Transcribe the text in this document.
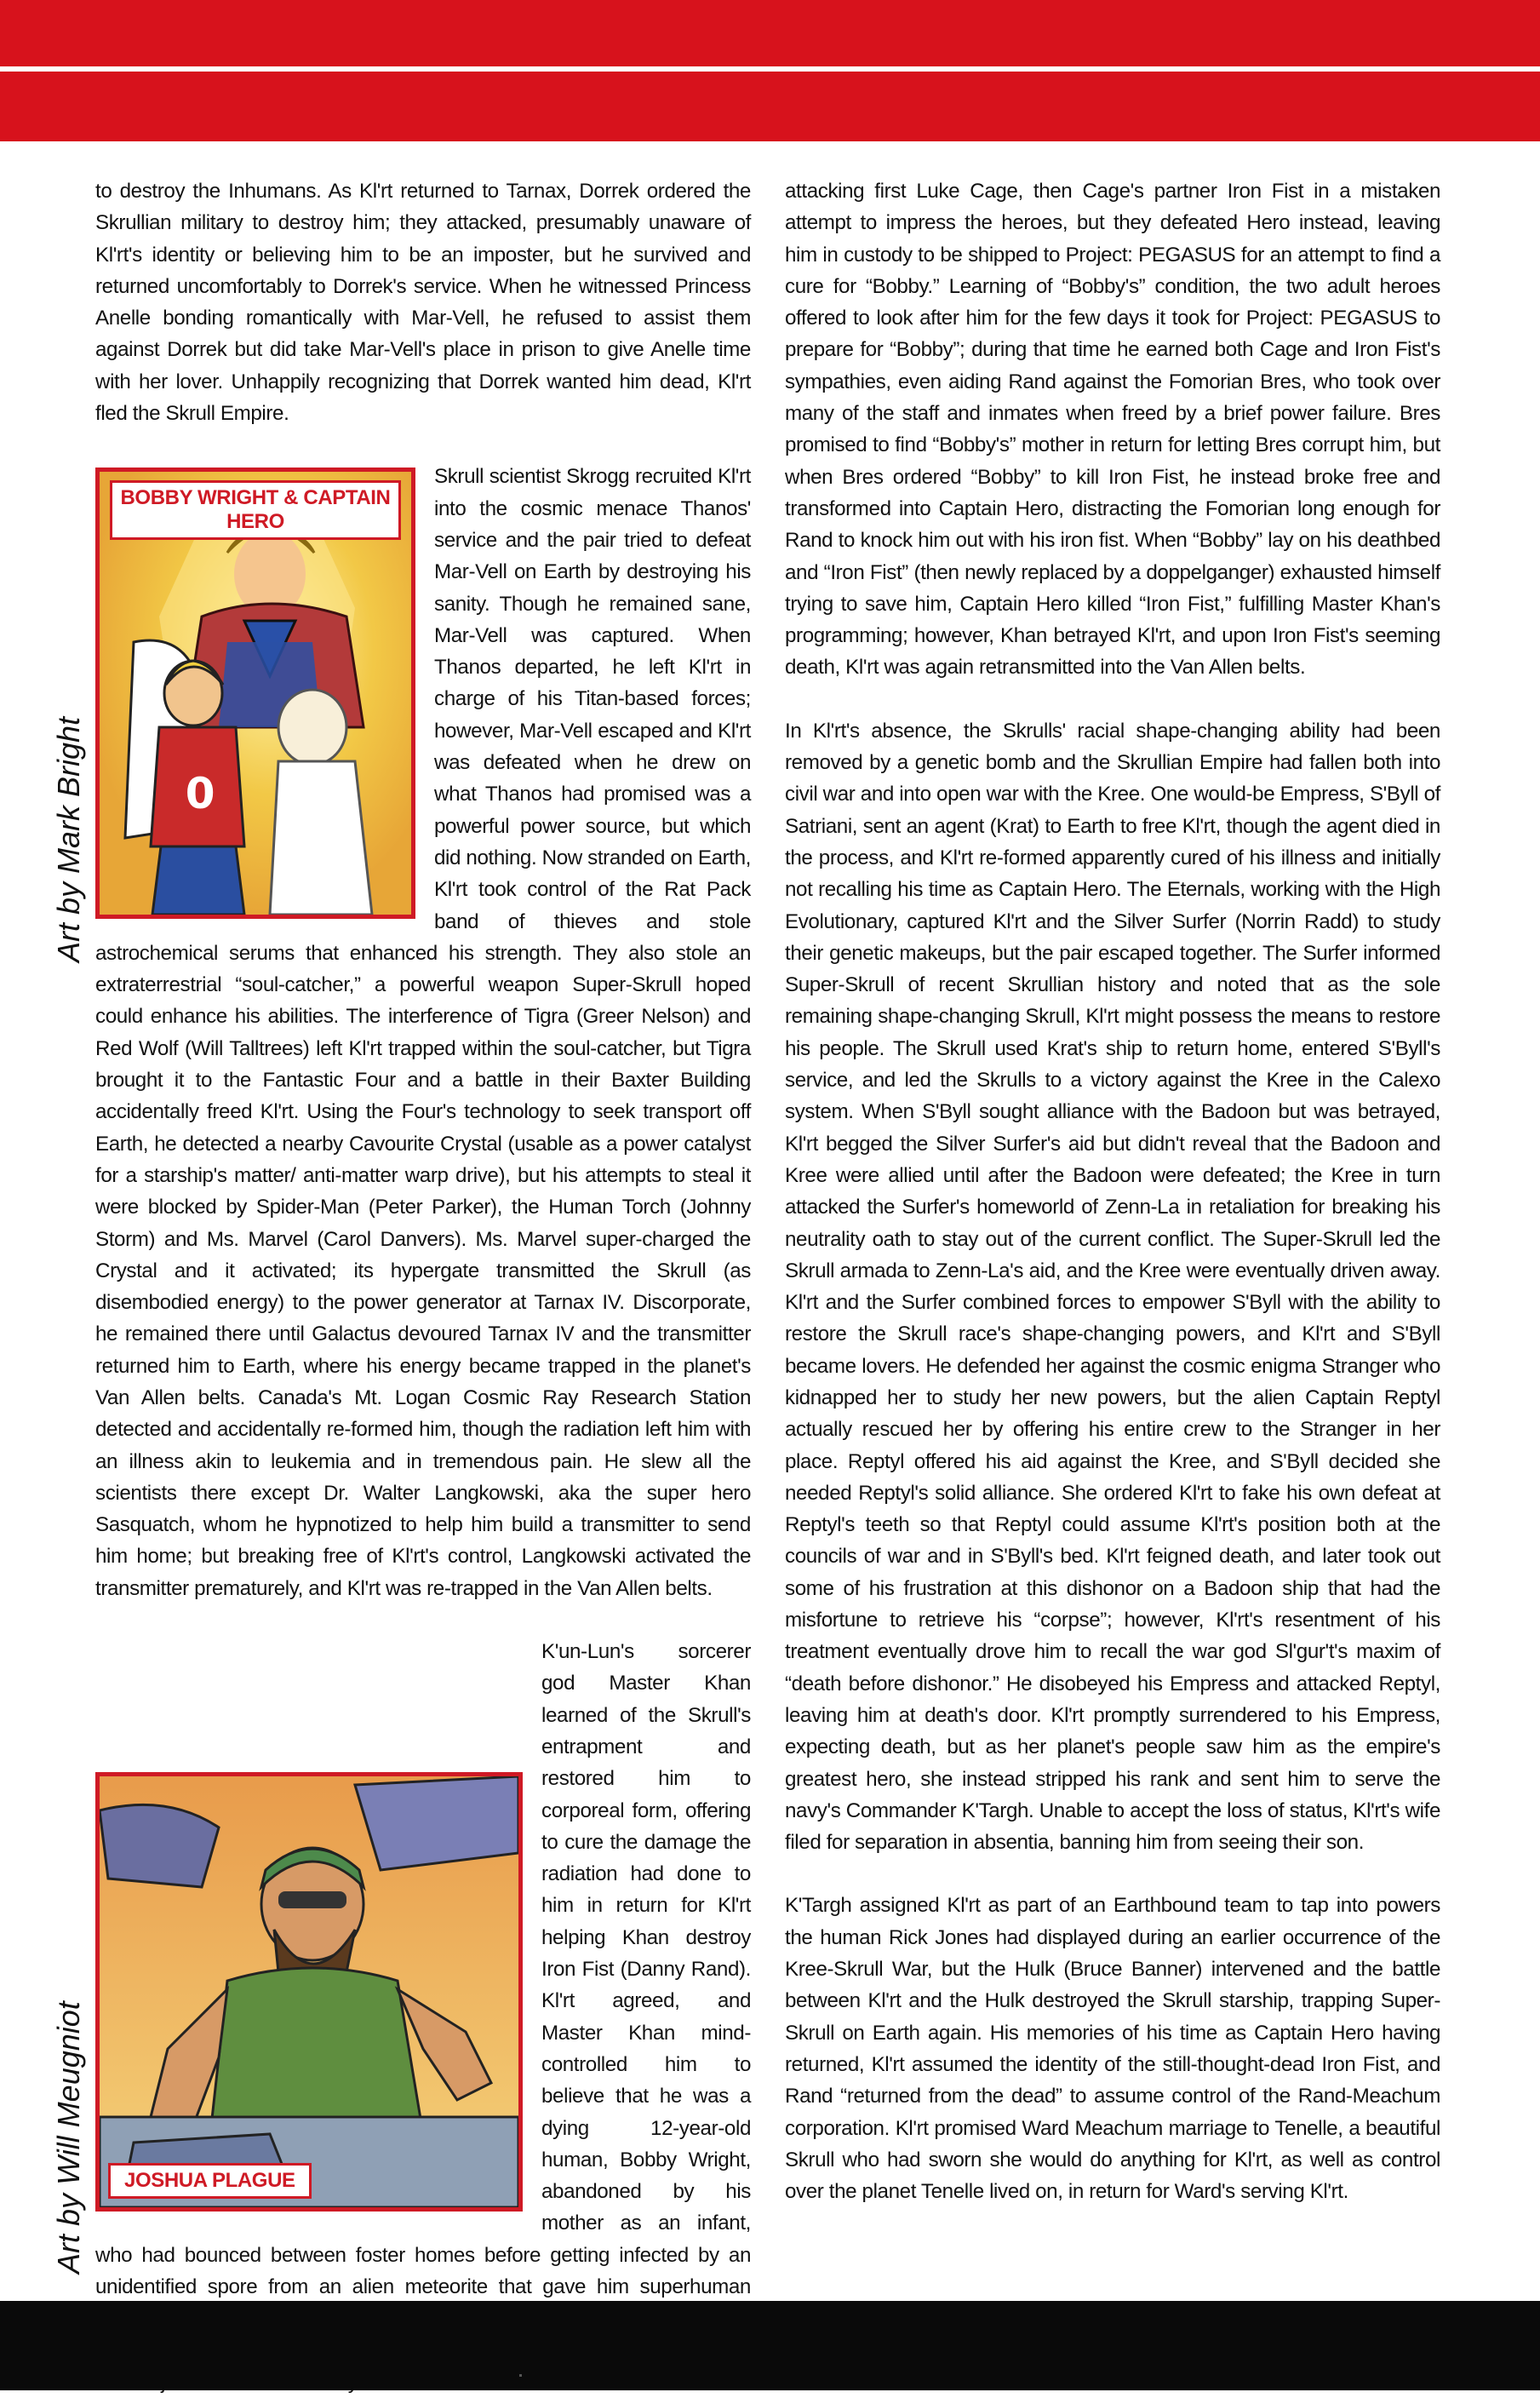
Art by Mark Bright
Art by Will Meugniot

to destroy the Inhumans. As Kl'rt returned to Tarnax, Dorrek ordered the Skrullian military to destroy him; they attacked, presumably unaware of Kl'rt's identity or believing him to be an imposter, but he survived and returned uncomfortably to Dorrek's service. When he witnessed Princess Anelle bonding romantically with Mar-Vell, he refused to assist them against Dorrek but did take Mar-Vell's place in prison to give Anelle time with her lover. Unhappily recognizing that Dorrek wanted him dead, Kl'rt fled the Skrull Empire.

0
BOBBY WRIGHT & CAPTAIN HERO
Skrull scientist Skrogg recruited Kl'rt into the cosmic menace Thanos' service and the pair tried to defeat Mar-Vell on Earth by destroying his sanity. Though he remained sane, Mar-Vell was captured. When Thanos departed, he left Kl'rt in charge of his Titan-based forces; however, Mar-Vell escaped and Kl'rt was defeated when he drew on what Thanos had promised was a powerful power source, but which did nothing. Now stranded on Earth, Kl'rt took control of the Rat Pack band of thieves and stole astrochemical serums that enhanced his strength. They also stole an extraterrestrial “soul-catcher,” a powerful weapon Super-Skrull hoped could enhance his abilities. The interference of Tigra (Greer Nelson) and Red Wolf (Will Talltrees) left Kl'rt trapped within the soul-catcher, but Tigra brought it to the Fantastic Four and a battle in their Baxter Building accidentally freed Kl'rt. Using the Four's technology to seek transport off Earth, he detected a nearby Cavourite Crystal (usable as a power catalyst for a starship's matter/ anti-matter warp drive), but his attempts to steal it were blocked by Spider-Man (Peter Parker), the Human Torch (Johnny Storm) and Ms. Marvel (Carol Danvers). Ms. Marvel super-charged the Crystal and it activated; its hypergate transmitted the Skrull (as disembodied energy) to the power generator at Tarnax IV. Discorporate, he remained there until Galactus devoured Tarnax IV and the transmitter returned him to Earth, where his energy became trapped in the planet's Van Allen belts. Canada's Mt. Logan Cosmic Ray Research Station detected and accidentally re-formed him, though the radiation left him with an illness akin to leukemia and in tremendous pain. He slew all the scientists there except Dr. Walter Langkowski, aka the super hero Sasquatch, whom he hypnotized to help him build a transmitter to send him home; but breaking free of Kl'rt's control, Langkowski activated the transmitter prematurely, and Kl'rt was re-trapped in the Van Allen belts.

JOSHUA PLAGUE
K'un-Lun's sorcerer god Master Khan learned of the Skrull's entrapment and restored him to corporeal form, offering to cure the damage the radiation had done to him in return for Kl'rt helping Khan destroy Iron Fist (Danny Rand). Kl'rt agreed, and Master Khan mind-controlled him to believe that he was a dying 12-year-old human, Bobby Wright, abandoned by his mother as an infant, who had bounced between foster homes before getting infected by an unidentified spore from an alien meteorite that gave him superhuman

attacking first Luke Cage, then Cage's partner Iron Fist in a mistaken attempt to impress the heroes, but they defeated Hero instead, leaving him in custody to be shipped to Project: PEGASUS for an attempt to find a cure for “Bobby.” Learning of “Bobby's” condition, the two adult heroes offered to look after him for the few days it took for Project: PEGASUS to prepare for “Bobby”; during that time he earned both Cage and Iron Fist's sympathies, even aiding Rand against the Fomorian Bres, who took over many of the staff and inmates when freed by a brief power failure. Bres promised to find “Bobby's” mother in return for letting Bres corrupt him, but when Bres ordered “Bobby” to kill Iron Fist, he instead broke free and transformed into Captain Hero, distracting the Fomorian long enough for Rand to knock him out with his iron fist. When “Bobby” lay on his deathbed and “Iron Fist” (then newly replaced by a doppelganger) exhausted himself trying to save him, Captain Hero killed “Iron Fist,” fulfilling Master Khan's programming; however, Khan betrayed Kl'rt, and upon Iron Fist's seeming death, Kl'rt was again retransmitted into the Van Allen belts.

In Kl'rt's absence, the Skrulls' racial shape-changing ability had been removed by a genetic bomb and the Skrullian Empire had fallen both into civil war and into open war with the Kree. One would-be Empress, S'Byll of Satriani, sent an agent (Krat) to Earth to free Kl'rt, though the agent died in the process, and Kl'rt re-formed apparently cured of his illness and initially not recalling his time as Captain Hero. The Eternals, working with the High Evolutionary, captured Kl'rt and the Silver Surfer (Norrin Radd) to study their genetic makeups, but the pair escaped together. The Surfer informed Super-Skrull of recent Skrullian history and noted that as the sole remaining shape-changing Skrull, Kl'rt might possess the means to restore his people. The Skrull used Krat's ship to return home, entered S'Byll's service, and led the Skrulls to a victory against the Kree in the Calexo system. When S'Byll sought alliance with the Badoon but was betrayed, Kl'rt begged the Silver Surfer's aid but didn't reveal that the Badoon and Kree were allied until after the Badoon were defeated; the Kree in turn attacked the Surfer's homeworld of Zenn-La in retaliation for breaking his neutrality oath to stay out of the current conflict. The Super-Skrull led the Skrull armada to Zenn-La's aid, and the Kree were eventually driven away. Kl'rt and the Surfer combined forces to empower S'Byll with the ability to restore the Skrull race's shape-changing powers, and Kl'rt and S'Byll became lovers. He defended her against the cosmic enigma Stranger who kidnapped her to study her new powers, but the alien Captain Reptyl actually rescued her by offering his entire crew to the Stranger in her place. Reptyl offered his aid against the Kree, and S'Byll decided she needed Reptyl's solid alliance. She ordered Kl'rt to fake his own defeat at Reptyl's teeth so that Reptyl could assume Kl'rt's position both at the councils of war and in S'Byll's bed. Kl'rt feigned death, and later took out some of his frustration at this dishonor on a Badoon ship that had the misfortune to retrieve his “corpse”; however, Kl'rt's resentment of his treatment eventually drove him to recall the war god Sl'gur't's maxim of “death before dishonor.” He disobeyed his Empress and attacked Reptyl, leaving him at death's door. Kl'rt promptly surrendered to his Empress, expecting death, but as her planet's people saw him as the empire's greatest hero, she instead stripped his rank and sent him to serve the navy's Commander K'Targh. Unable to accept the loss of status, Kl'rt's wife filed for separation in absentia, banning him from seeing their son.

K'Targh assigned Kl'rt as part of an Earthbound team to tap into powers the human Rick Jones had displayed during an earlier occurrence of the Kree-Skrull War, but the Hulk (Bruce Banner) intervened and the battle between Kl'rt and the Hulk destroyed the Skrull starship, trapping Super-Skrull on Earth again. His memories of his time as Captain Hero having returned, Kl'rt assumed the identity of the still-thought-dead Iron Fist, and Rand “returned from the dead” to assume control of the Rand-Meachum corporation. Kl'rt promised Ward Meachum marriage to Tenelle, a beautiful Skrull who had sworn she would do anything for Kl'rt, as well as control over the planet Tenelle lived on, in return for Ward's serving Kl'rt.
